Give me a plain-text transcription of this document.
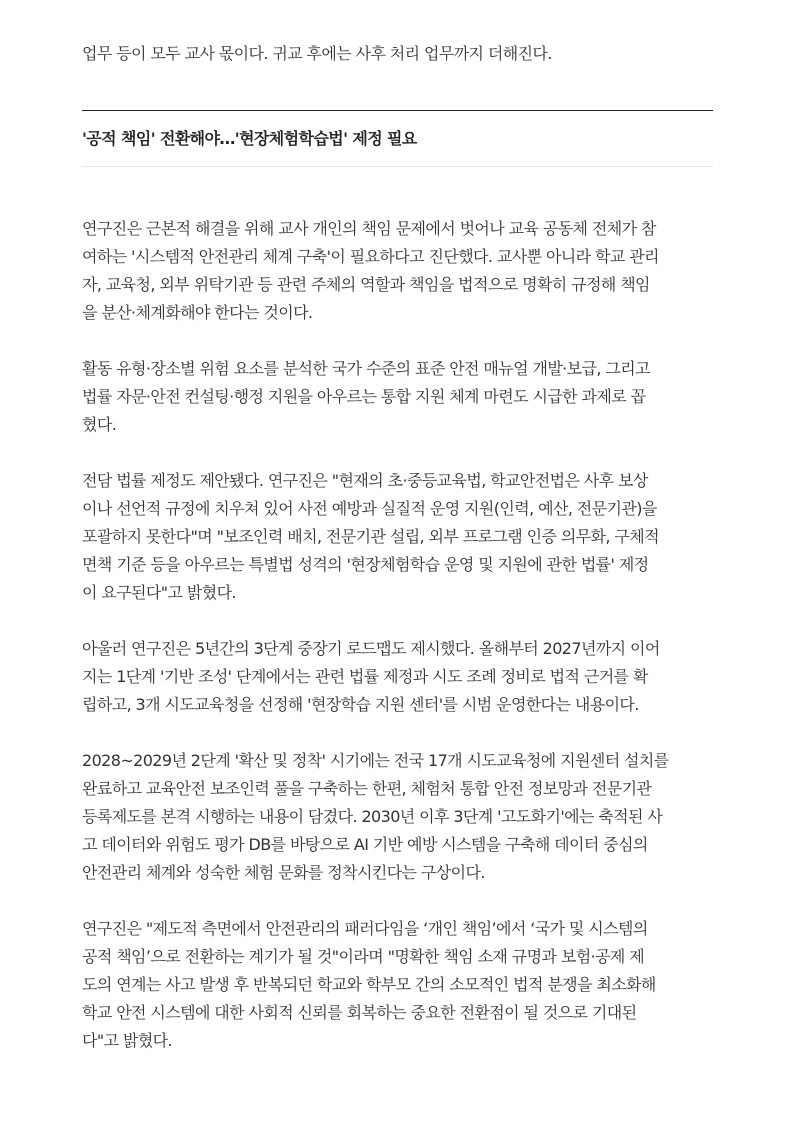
업무 등이 모두 교사 몫이다. 귀교 후에는 사후 처리 업무까지 더해진다.

'공적 책임' 전환해야…'현장체험학습법' 제정 필요

연구진은 근본적 해결을 위해 교사 개인의 책임 문제에서 벗어나 교육 공동체 전체가 참

여하는 '시스템적 안전관리 체계 구축'이 필요하다고 진단했다. 교사뿐 아니라 학교 관리

자, 교육청, 외부 위탁기관 등 관련 주체의 역할과 책임을 법적으로 명확히 규정해 책임

을 분산·체계화해야 한다는 것이다.

활동 유형·장소별 위험 요소를 분석한 국가 수준의 표준 안전 매뉴얼 개발·보급, 그리고

법률 자문·안전 컨설팅·행정 지원을 아우르는 통합 지원 체계 마련도 시급한 과제로 꼽

혔다.

전담 법률 제정도 제안됐다. 연구진은 "현재의 초·중등교육법, 학교안전법은 사후 보상

이나 선언적 규정에 치우쳐 있어 사전 예방과 실질적 운영 지원(인력, 예산, 전문기관)을

포괄하지 못한다"며 "보조인력 배치, 전문기관 설립, 외부 프로그램 인증 의무화, 구체적

면책 기준 등을 아우르는 특별법 성격의 '현장체험학습 운영 및 지원에 관한 법률' 제정

이 요구된다"고 밝혔다.

아울러 연구진은 5년간의 3단계 중장기 로드맵도 제시했다. 올해부터 2027년까지 이어

지는 1단계 '기반 조성' 단계에서는 관련 법률 제정과 시도 조례 정비로 법적 근거를 확

립하고, 3개 시도교육청을 선정해 '현장학습 지원 센터'를 시범 운영한다는 내용이다.

2028~2029년 2단계 '확산 및 정착' 시기에는 전국 17개 시도교육청에 지원센터 설치를

완료하고 교육안전 보조인력 풀을 구축하는 한편, 체험처 통합 안전 정보망과 전문기관

등록제도를 본격 시행하는 내용이 담겼다. 2030년 이후 3단계 '고도화기'에는 축적된 사

고 데이터와 위험도 평가 DB를 바탕으로 AI 기반 예방 시스템을 구축해 데이터 중심의

안전관리 체계와 성숙한 체험 문화를 정착시킨다는 구상이다.

연구진은 "제도적 측면에서 안전관리의 패러다임을 ‘개인 책임’에서 ‘국가 및 시스템의

공적 책임’으로 전환하는 계기가 될 것"이라며 "명확한 책임 소재 규명과 보험·공제 제

도의 연계는 사고 발생 후 반복되던 학교와 학부모 간의 소모적인 법적 분쟁을 최소화해

학교 안전 시스템에 대한 사회적 신뢰를 회복하는 중요한 전환점이 될 것으로 기대된

다"고 밝혔다.
